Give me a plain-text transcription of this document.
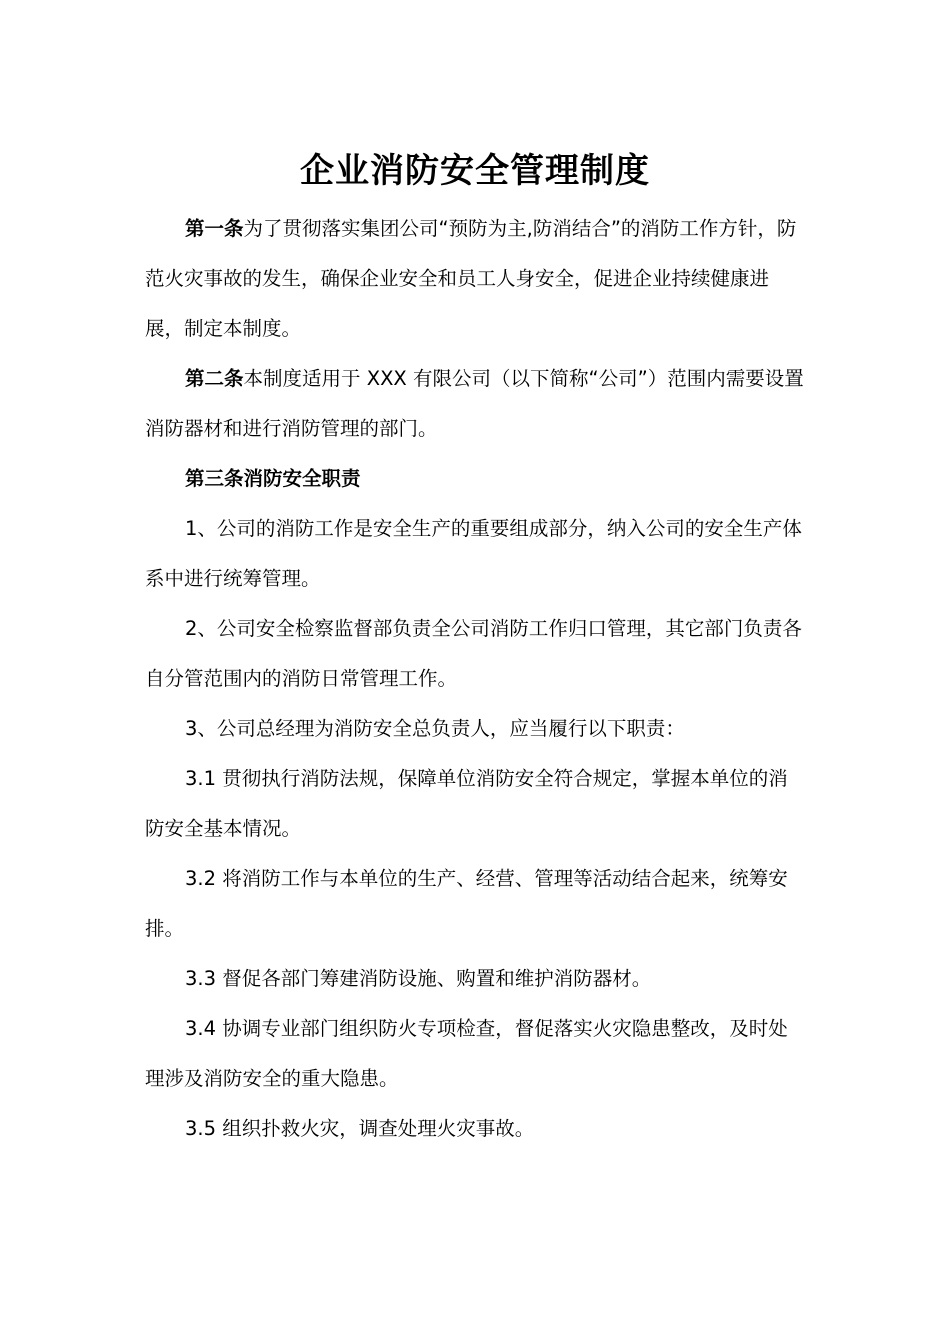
企业消防安全管理制度

第一条为了贯彻落实集团公司“预防为主,防消结合”的消防工作方针，防范火灾事故的发生，确保企业安全和员工人身安全，促进企业持续健康进展，制定本制度。

第二条本制度适用于 XXX 有限公司（以下简称“公司”）范围内需要设置消防器材和进行消防管理的部门。

第三条消防安全职责

1、公司的消防工作是安全生产的重要组成部分，纳入公司的安全生产体系中进行统筹管理。

2、公司安全检察监督部负责全公司消防工作归口管理，其它部门负责各自分管范围内的消防日常管理工作。

3、公司总经理为消防安全总负责人，应当履行以下职责：

3.1 贯彻执行消防法规，保障单位消防安全符合规定，掌握本单位的消防安全基本情况。

3.2 将消防工作与本单位的生产、经营、管理等活动结合起来，统筹安排。

3.3 督促各部门筹建消防设施、购置和维护消防器材。

3.4 协调专业部门组织防火专项检查，督促落实火灾隐患整改，及时处理涉及消防安全的重大隐患。

3.5 组织扑救火灾，调查处理火灾事故。
